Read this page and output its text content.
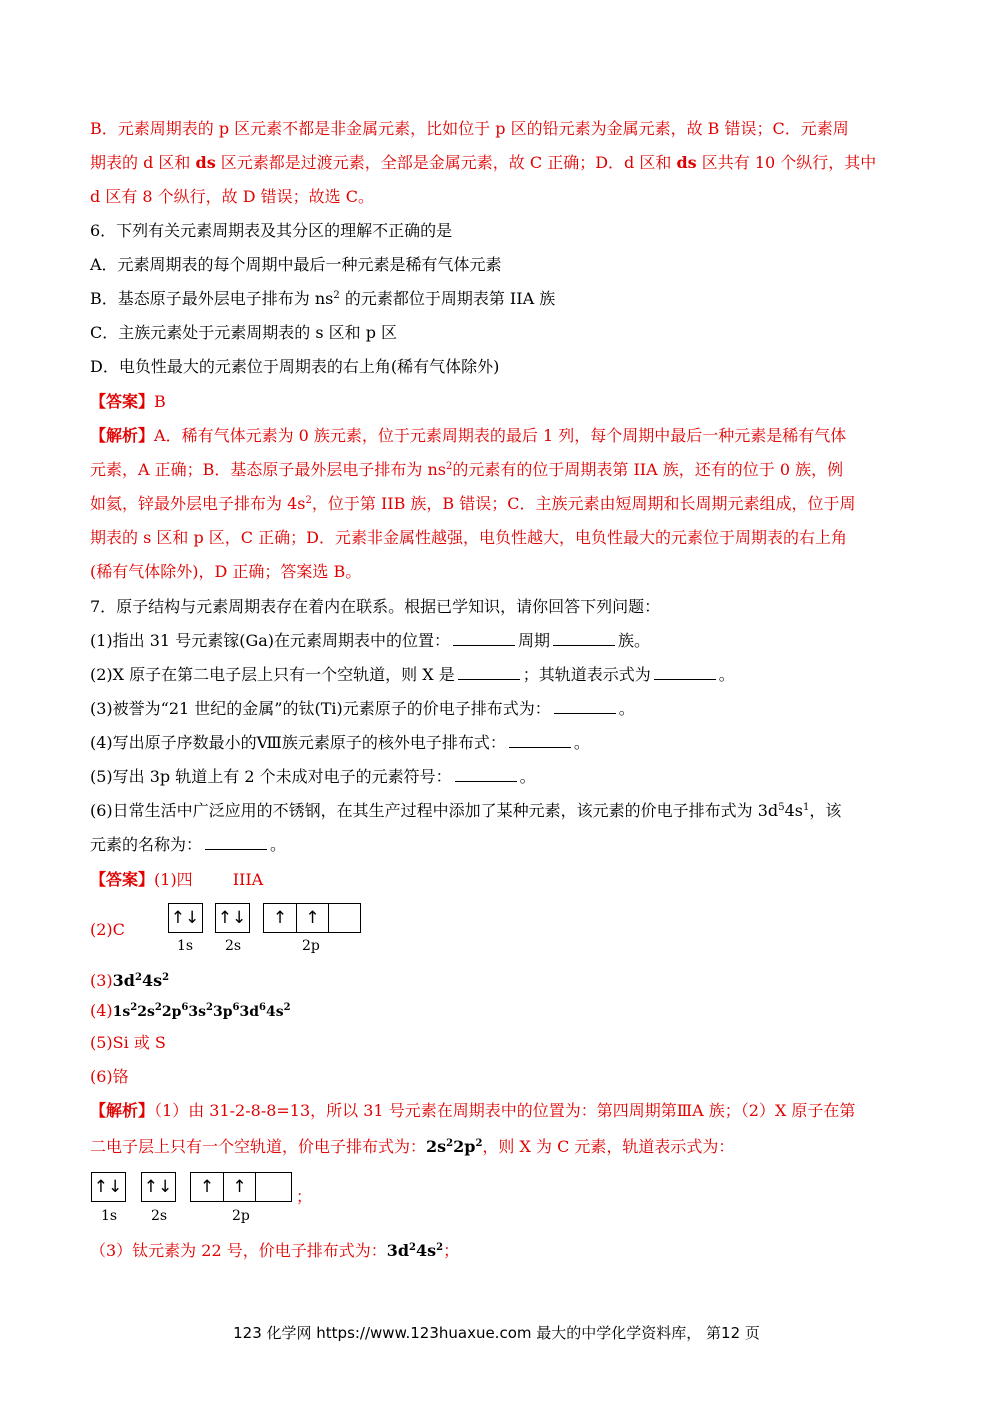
B．元素周期表的 p 区元素不都是非金属元素，比如位于 p 区的铅元素为金属元素，故 B 错误；C．元素周
期表的 d 区和 ds 区元素都是过渡元素，全部是金属元素，故 C 正确；D．d 区和 ds 区共有 10 个纵行，其中
d 区有 8 个纵行，故 D 错误；故选 C。
6．下列有关元素周期表及其分区的理解不正确的是
A．元素周期表的每个周期中最后一种元素是稀有气体元素
B．基态原子最外层电子排布为 $ns^2$ 的元素都位于周期表第 IIA 族
C．主族元素处于元素周期表的 s 区和 p 区
D．电负性最大的元素位于周期表的右上角(稀有气体除外)
【答案】B
【解析】A．稀有气体元素为 0 族元素，位于元素周期表的最后 1 列，每个周期中最后一种元素是稀有气体
元素，A 正确；B．基态原子最外层电子排布为 $ns^2$的元素有的位于周期表第 IIA 族，还有的位于 0 族，例
如氦，锌最外层电子排布为 $4s^2$，位于第 IIB 族，B 错误；C．主族元素由短周期和长周期元素组成，位于周
期表的 s 区和 p 区，C 正确；D．元素非金属性越强，电负性越大，电负性最大的元素位于周期表的右上角
(稀有气体除外)，D 正确；答案选 B。
7．原子结构与元素周期表存在着内在联系。根据已学知识，请你回答下列问题：
(1)指出 31 号元素镓(Ga)在元素周期表中的位置：	周期	族。
(2)X 原子在第二电子层上只有一个空轨道，则 X 是	；其轨道表示式为	。
(3)被誉为“21 世纪的金属”的钛(Ti)元素原子的价电子排布式为：	。
(4)写出原子序数最小的Ⅷ族元素原子的核外电子排布式：	。
(5)写出 3p 轨道上有 2 个未成对电子的元素符号：	。
(6)日常生活中广泛应用的不锈钢，在其生产过程中添加了某种元素，该元素的价电子排布式为 $3d^54s^1$，该
元素的名称为：	。
【答案】(1)四	IIIA
(2)C
↑↓ ↑↓	↑	↑
1s 2s	2p
$(3)3d^24s^2$
$(4)1s^22s^22p^63s^23p^63d^64s^2$
(5)Si 或 S
(6)铬
【解析】（1）由 31-2-8-8=13，所以 31 号元素在周期表中的位置为：第四周期第ⅢA 族；（2）X 原子在第
二电子层上只有一个空轨道，价电子排布式为：$2s^22p^2$，则 X 为 C 元素，轨道表示式为：
↑↓ ↑↓	↑	↑	；
1s 2s	2p
（3）钛元素为 22 号，价电子排布式为：$3d^24s^2$；
123 化学网 https://www.123huaxue.com 最大的中学化学资料库， 第12 页
